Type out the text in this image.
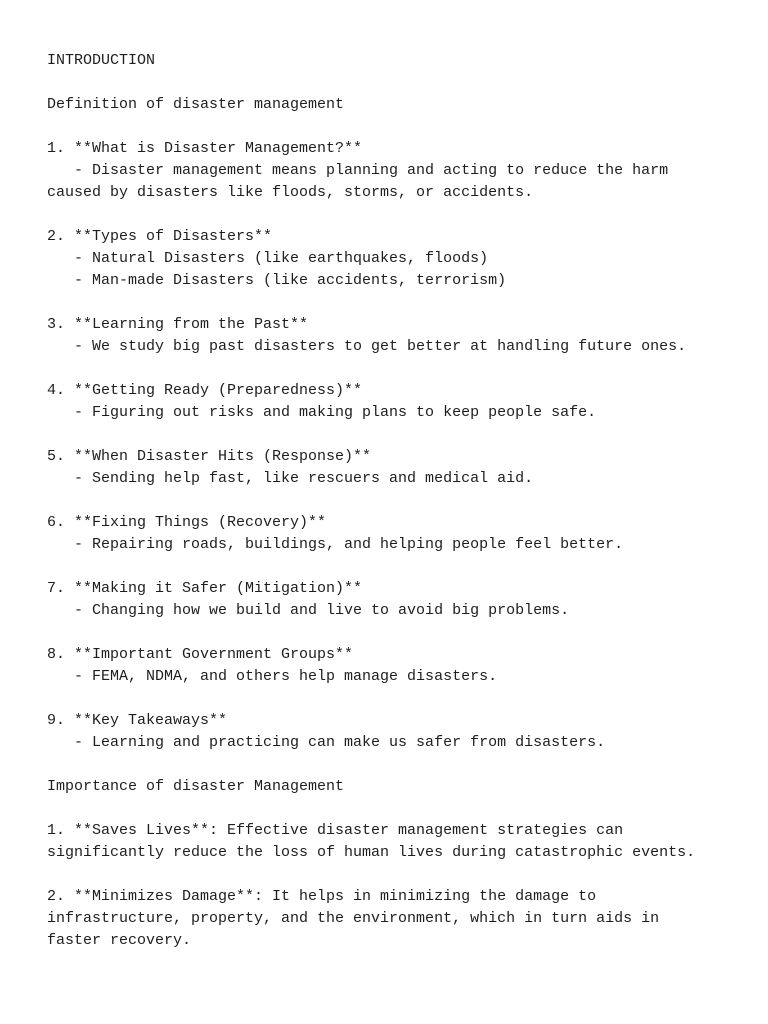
INTRODUCTION
Definition of disaster management
1. **What is Disaster Management?**
- Disaster management means planning and acting to reduce the harm
caused by disasters like floods, storms, or accidents.
2. **Types of Disasters**
- Natural Disasters (like earthquakes, floods)
- Man-made Disasters (like accidents, terrorism)
3. **Learning from the Past**
- We study big past disasters to get better at handling future ones.
4. **Getting Ready (Preparedness)**
- Figuring out risks and making plans to keep people safe.
5. **When Disaster Hits (Response)**
- Sending help fast, like rescuers and medical aid.
6. **Fixing Things (Recovery)**
- Repairing roads, buildings, and helping people feel better.
7. **Making it Safer (Mitigation)**
- Changing how we build and live to avoid big problems.
8. **Important Government Groups**
- FEMA, NDMA, and others help manage disasters.
9. **Key Takeaways**
- Learning and practicing can make us safer from disasters.
Importance of disaster Management
1. **Saves Lives**: Effective disaster management strategies can
significantly reduce the loss of human lives during catastrophic events.
2. **Minimizes Damage**: It helps in minimizing the damage to
infrastructure, property, and the environment, which in turn aids in
faster recovery.
